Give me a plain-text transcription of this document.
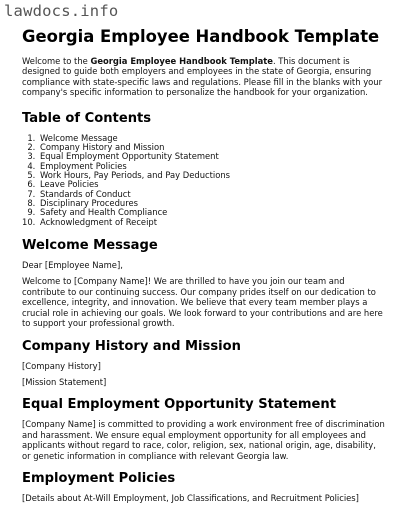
lawdocs.info
Georgia Employee Handbook Template

Welcome to the Georgia Employee Handbook Template. This document is designed to guide both employers and employees in the state of Georgia, ensuring compliance with state-specific laws and regulations. Please fill in the blanks with your company's specific information to personalize the handbook for your organization.

Table of Contents
1. Welcome Message
2. Company History and Mission
3. Equal Employment Opportunity Statement
4. Employment Policies
5. Work Hours, Pay Periods, and Pay Deductions
6. Leave Policies
7. Standards of Conduct
8. Disciplinary Procedures
9. Safety and Health Compliance
10. Acknowledgment of Receipt
Welcome Message

Dear [Employee Name],

Welcome to [Company Name]! We are thrilled to have you join our team and contribute to our continuing success. Our company prides itself on our dedication to excellence, integrity, and innovation. We believe that every team member plays a crucial role in achieving our goals. We look forward to your contributions and are here to support your professional growth.

Company History and Mission

[Company History]

[Mission Statement]

Equal Employment Opportunity Statement

[Company Name] is committed to providing a work environment free of discrimination and harassment. We ensure equal employment opportunity for all employees and applicants without regard to race, color, religion, sex, national origin, age, disability, or genetic information in compliance with relevant Georgia law.

Employment Policies

[Details about At-Will Employment, Job Classifications, and Recruitment Policies]
